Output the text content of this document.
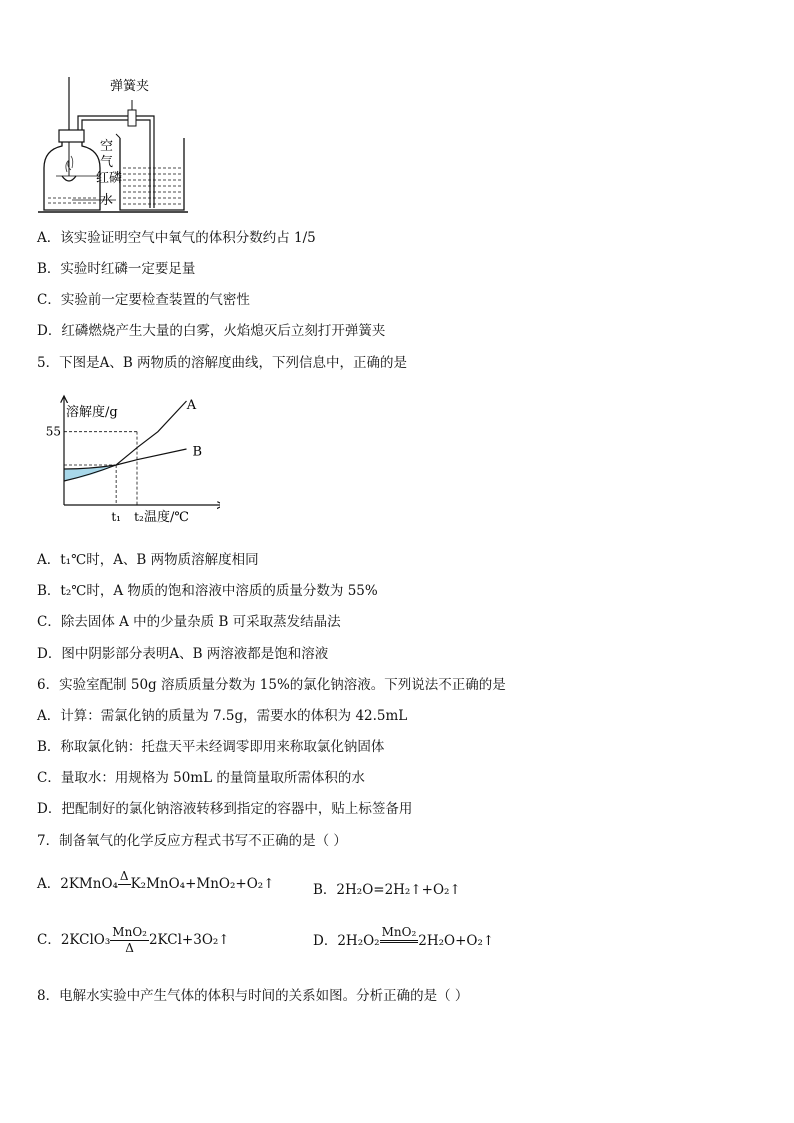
弹簧夹
空
气
红磷
水
A．该实验证明空气中氧气的体积分数约占 1/5
B．实验时红磷一定要足量
C．实验前一定要检查装置的气密性
D．红磷燃烧产生大量的白雾，火焰熄灭后立刻打开弹簧夹
5．下图是A、B 两物质的溶解度曲线，下列信息中，正确的是
溶解度/g
温度/℃
55
t₁ t₂
A
B
A．t₁℃时，A、B 两物质溶解度相同
B．t₂℃时，A 物质的饱和溶液中溶质的质量分数为 55%
C．除去固体 A 中的少量杂质 B 可采取蒸发结晶法
D．图中阴影部分表明A、B 两溶液都是饱和溶液
6．实验室配制 50g 溶质质量分数为 15%的氯化钠溶液。下列说法不正确的是
A．计算：需氯化钠的质量为 7.5g，需要水的体积为 42.5mL
B．称取氯化钠：托盘天平未经调零即用来称取氯化钠固体
C．量取水：用规格为 50mL 的量筒量取所需体积的水
D．把配制好的氯化钠溶液转移到指定的容器中，贴上标签备用
7．制备氧气的化学反应方程式书写不正确的是（ ）
A．2KMnO₄ Δ
K₂MnO₄+MnO₂+O₂↑	B．2H₂O=2H₂↑+O₂↑
C．2KClO₃ $\frac{\text{MnO₂}}{\Delta}$ 2KCl+3O₂↑	D．2H₂O₂
MnO₂

2H₂O+O₂↑
8．电解水实验中产生气体的体积与时间的关系如图。分析正确的是（ ）
